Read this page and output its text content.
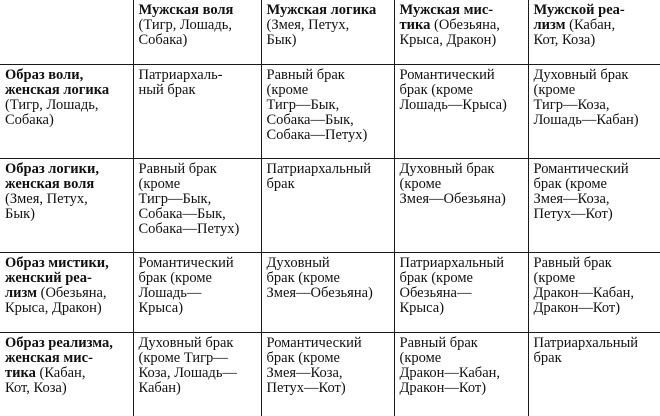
	Мужская воля (Тигр, Лошадь,
Собака)	Мужская логика (Змея, Петух,
Бык)	Мужская мис-
тика (Обезьяна,
Крыса, Дракон)	Мужской реа-
лизм (Кабан,
Кот, Коза)
Образ воли,
женская логика (Тигр, Лошадь,
Собака)	Патриархаль-
ный брак	Равный брак
(кроме
Тигр—Бык,
Собака—Бык,
Собака—Петух)	Романтический
брак (кроме
Лошадь—Крыса)	Духовный брак
(кроме
Тигр—Коза,
Лошадь—Кабан)
Образ логики,
женская воля (Змея, Петух,
Бык)	Равный брак
(кроме
Тигр—Бык,
Собака—Бык,
Собака—Петух)	Патриархальный
брак	Духовный брак
(кроме
Змея—Обезьяна)	Романтический
брак (кроме
Змея—Коза,
Петух—Кот)
Образ мистики,
женский реа-
лизм (Обезьяна,
Крыса, Дракон)	Романтический
брак (кроме
Лошадь—
Крыса)	Духовный
брак (кроме
Змея—Обезьяна)	Патриархальный
брак (кроме
Обезьяна—
Крыса)	Равный брак
(кроме
Дракон—Кабан,
Дракон—Кот)
Образ реализма,
женская мис-
тика (Кабан,
Кот, Коза)	Духовный брак
(кроме Тигр—
Коза, Лошадь—
Кабан)	Романтический
брак (кроме
Змея—Коза,
Петух—Кот)	Равный брак
(кроме
Дракон—Кабан,
Дракон—Кот)	Патриархальный
брак
